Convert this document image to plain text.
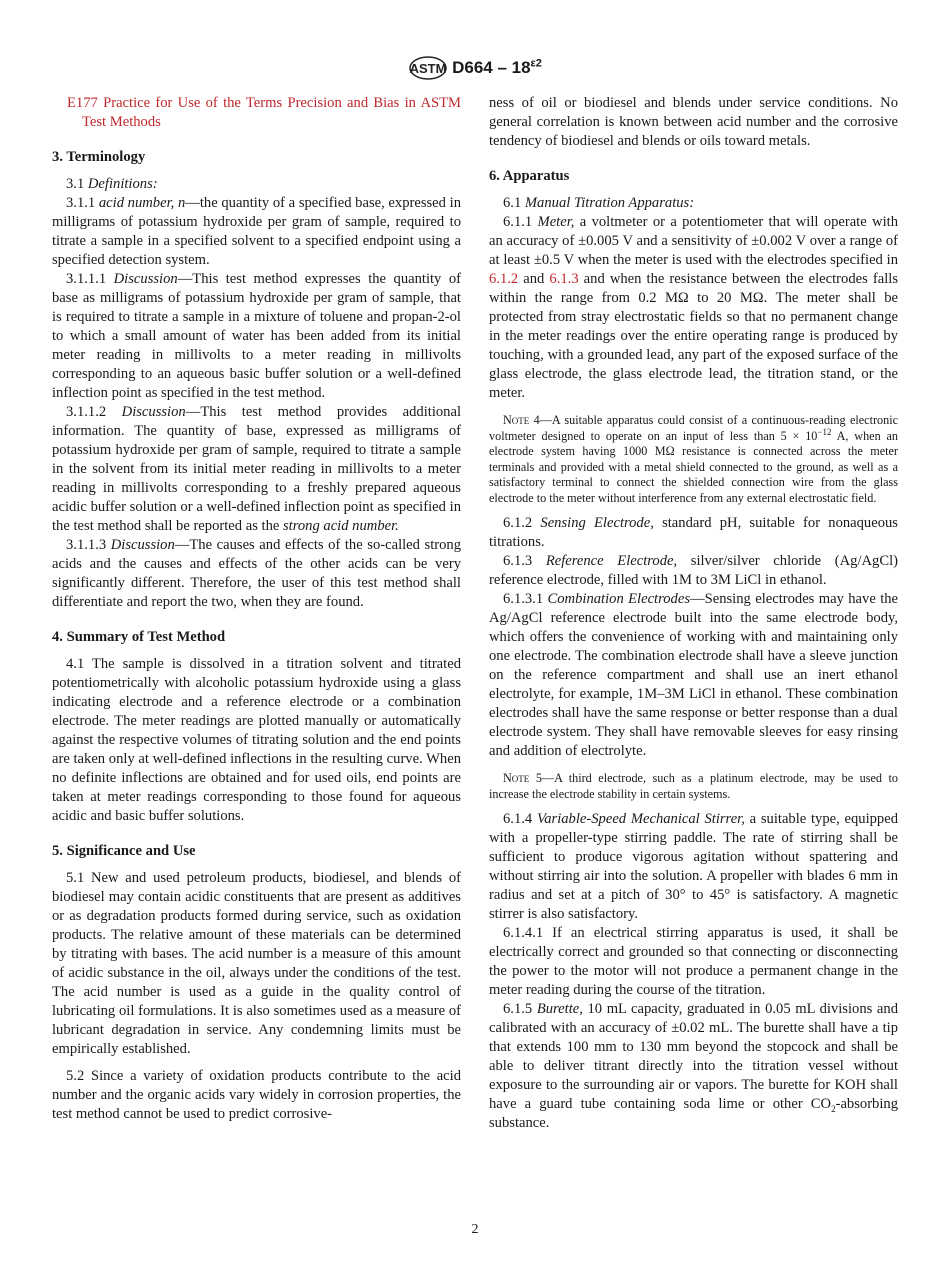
ASTM $D664 - 18^{\varepsilon 2}$

E177 Practice for Use of the Terms Precision and Bias in ASTM Test Methods

3. Terminology

3.1 Definitions:

3.1.1 acid number, n—the quantity of a specified base, expressed in milligrams of potassium hydroxide per gram of sample, required to titrate a sample in a specified solvent to a specified endpoint using a specified detection system.

3.1.1.1 Discussion—This test method expresses the quantity of base as milligrams of potassium hydroxide per gram of sample, that is required to titrate a sample in a mixture of toluene and propan-2-ol to which a small amount of water has been added from its initial meter reading in millivolts to a meter reading in millivolts corresponding to an aqueous basic buffer solution or a well-defined inflection point as specified in the test method.

3.1.1.2 Discussion—This test method provides additional information. The quantity of base, expressed as milligrams of potassium hydroxide per gram of sample, required to titrate a sample in the solvent from its initial meter reading in millivolts to a meter reading in millivolts corresponding to a freshly prepared aqueous acidic buffer solution or a well-defined inflection point as specified in the test method shall be reported as the strong acid number.

3.1.1.3 Discussion—The causes and effects of the so-called strong acids and the causes and effects of the other acids can be very significantly different. Therefore, the user of this test method shall differentiate and report the two, when they are found.

4. Summary of Test Method

4.1 The sample is dissolved in a titration solvent and titrated potentiometrically with alcoholic potassium hydroxide using a glass indicating electrode and a reference electrode or a combination electrode. The meter readings are plotted manually or automatically against the respective volumes of titrating solution and the end points are taken only at well-defined inflections in the resulting curve. When no definite inflections are obtained and for used oils, end points are taken at meter readings corresponding to those found for aqueous acidic and basic buffer solutions.

5. Significance and Use

5.1 New and used petroleum products, biodiesel, and blends of biodiesel may contain acidic constituents that are present as additives or as degradation products formed during service, such as oxidation products. The relative amount of these materials can be determined by titrating with bases. The acid number is a measure of this amount of acidic substance in the oil, always under the conditions of the test. The acid number is used as a guide in the quality control of lubricating oil formulations. It is also sometimes used as a measure of lubricant degradation in service. Any condemning limits must be empirically established.

5.2 Since a variety of oxidation products contribute to the acid number and the organic acids vary widely in corrosion properties, the test method cannot be used to predict corrosive-

ness of oil or biodiesel and blends under service conditions. No general correlation is known between acid number and the corrosive tendency of biodiesel and blends or oils toward metals.

6. Apparatus

6.1 Manual Titration Apparatus:

6.1.1 Meter, a voltmeter or a potentiometer that will operate with an accuracy of ±0.005 V and a sensitivity of ±0.002 V over a range of at least ±0.5 V when the meter is used with the electrodes specified in 6.1.2 and 6.1.3 and when the resistance between the electrodes falls within the range from 0.2 MΩ to 20 MΩ. The meter shall be protected from stray electrostatic fields so that no permanent change in the meter readings over the entire operating range is produced by touching, with a grounded lead, any part of the exposed surface of the glass electrode, the glass electrode lead, the titration stand, or the meter.

Note 4—A suitable apparatus could consist of a continuous-reading electronic voltmeter designed to operate on an input of less than $5 \times 10^{-12}$ A, when an electrode system having 1000 MΩ resistance is connected across the meter terminals and provided with a metal shield connected to the ground, as well as a satisfactory terminal to connect the shielded connection wire from the glass electrode to the meter without interference from any external electrostatic field.

6.1.2 Sensing Electrode, standard pH, suitable for nonaqueous titrations.

6.1.3 Reference Electrode, silver/silver chloride (Ag/AgCl) reference electrode, filled with 1M to 3M LiCl in ethanol.

6.1.3.1 Combination Electrodes—Sensing electrodes may have the Ag/AgCl reference electrode built into the same electrode body, which offers the convenience of working with and maintaining only one electrode. The combination electrode shall have a sleeve junction on the reference compartment and shall use an inert ethanol electrolyte, for example, 1M–3M LiCl in ethanol. These combination electrodes shall have the same response or better response than a dual electrode system. They shall have removable sleeves for easy rinsing and addition of electrolyte.

Note 5—A third electrode, such as a platinum electrode, may be used to increase the electrode stability in certain systems.

6.1.4 Variable-Speed Mechanical Stirrer, a suitable type, equipped with a propeller-type stirring paddle. The rate of stirring shall be sufficient to produce vigorous agitation without spattering and without stirring air into the solution. A propeller with blades 6 mm in radius and set at a pitch of 30° to 45° is satisfactory. A magnetic stirrer is also satisfactory.

6.1.4.1 If an electrical stirring apparatus is used, it shall be electrically correct and grounded so that connecting or disconnecting the power to the motor will not produce a permanent change in the meter reading during the course of the titration.

6.1.5 Burette, 10 mL capacity, graduated in 0.05 mL divisions and calibrated with an accuracy of ±0.02 mL. The burette shall have a tip that extends 100 mm to 130 mm beyond the stopcock and shall be able to deliver titrant directly into the titration vessel without exposure to the surrounding air or vapors. The burette for KOH shall have a guard tube containing soda lime or other $CO_2$-absorbing substance.

2
